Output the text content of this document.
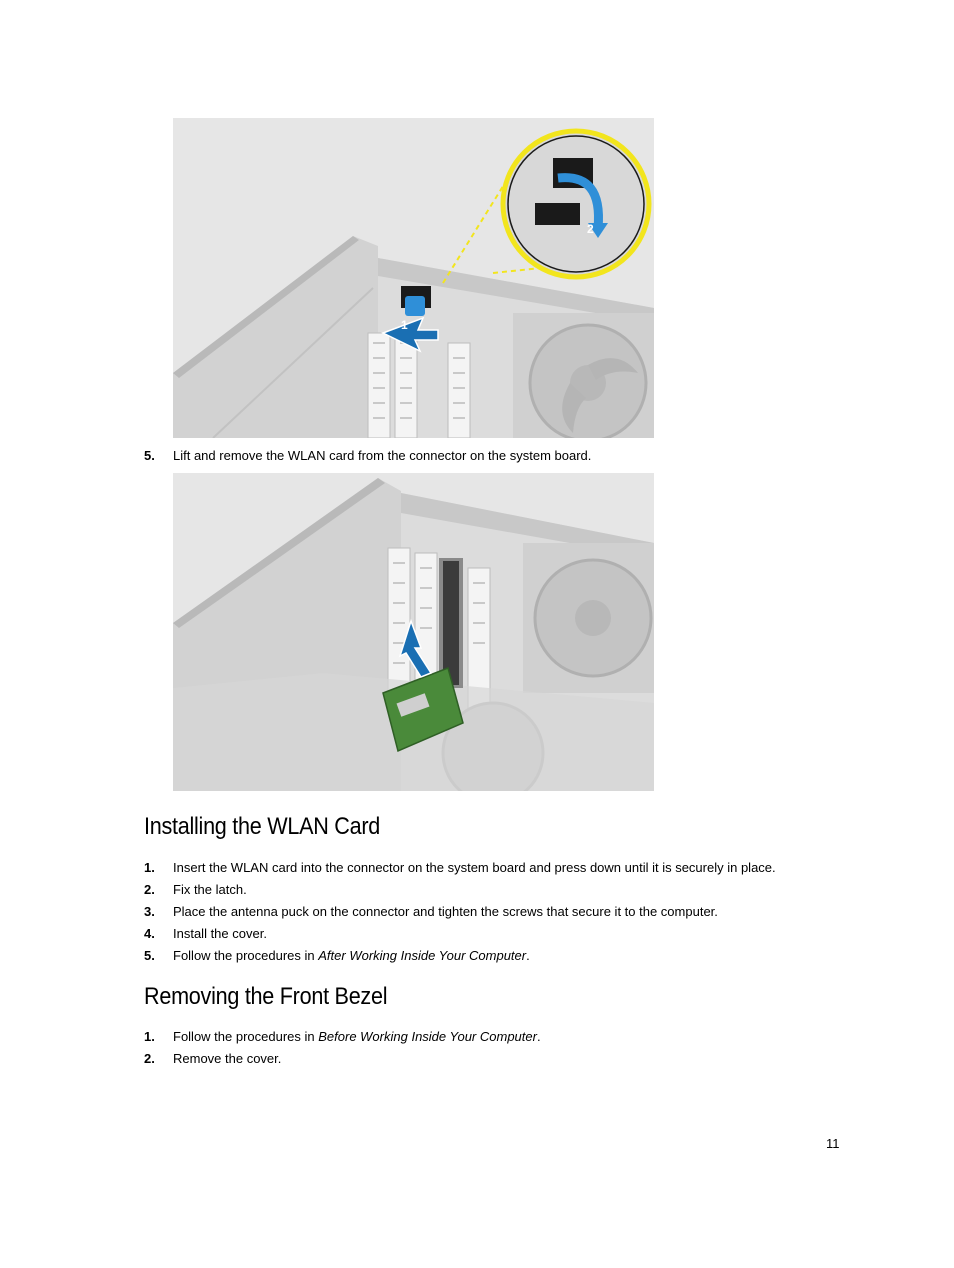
1
2
5.	Lift and remove the WLAN card from the connector on the system board.
Installing the WLAN Card
1.	Insert the WLAN card into the connector on the system board and press down until it is securely in place.
2.	Fix the latch.
3.	Place the antenna puck on the connector and tighten the screws that secure it to the computer.
4.	Install the cover.
5.	Follow the procedures in After Working Inside Your Computer.
Removing the Front Bezel
1.	Follow the procedures in Before Working Inside Your Computer.
2.	Remove the cover.
11
